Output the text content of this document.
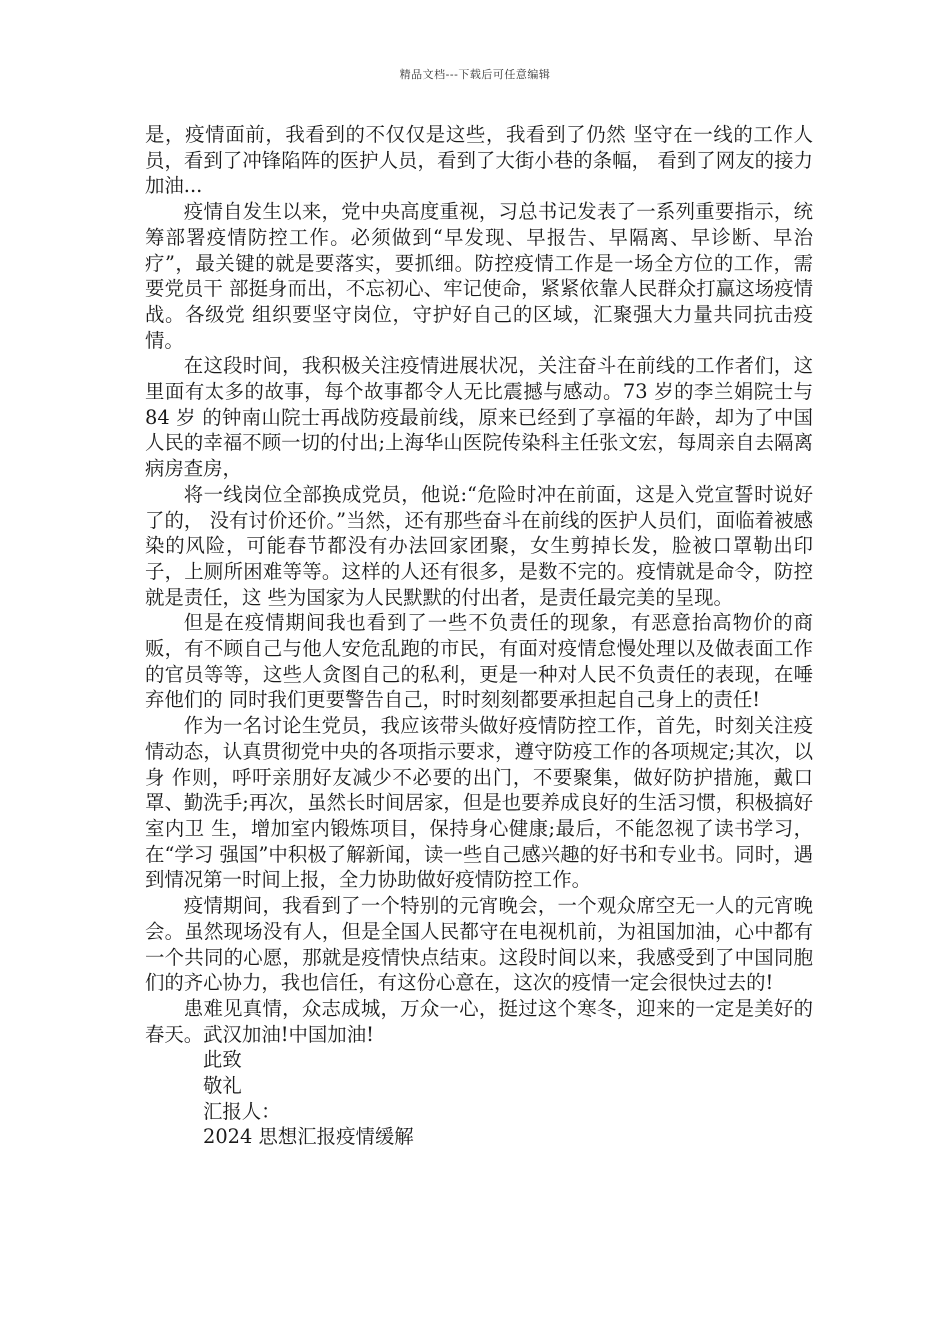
精品文档---下载后可任意编辑

是，疫情面前，我看到的不仅仅是这些，我看到了仍然 坚守在一线的工作人员，看到了冲锋陷阵的医护人员，看到了大街小巷的条幅， 看到了网友的接力加油...

疫情自发生以来，党中央高度重视，习总书记发表了一系列重要指示，统筹部署疫情防控工作。必须做到“早发现、早报告、早隔离、早诊断、早治疗”，最关键的就是要落实，要抓细。防控疫情工作是一场全方位的工作，需要党员干 部挺身而出，不忘初心、牢记使命，紧紧依靠人民群众打赢这场疫情战。各级党 组织要坚守岗位，守护好自己的区域，汇聚强大力量共同抗击疫情。

在这段时间，我积极关注疫情进展状况，关注奋斗在前线的工作者们，这里面有太多的故事，每个故事都令人无比震撼与感动。73 岁的李兰娟院士与 84 岁 的钟南山院士再战防疫最前线，原来已经到了享福的年龄，却为了中国人民的幸福不顾一切的付出;上海华山医院传染科主任张文宏，每周亲自去隔离病房查房，

将一线岗位全部换成党员，他说:“危险时冲在前面，这是入党宣誓时说好了的， 没有讨价还价。”当然，还有那些奋斗在前线的医护人员们，面临着被感染的风险，可能春节都没有办法回家团聚，女生剪掉长发，脸被口罩勒出印子，上厕所困难等等。这样的人还有很多，是数不完的。疫情就是命令，防控就是责任，这 些为国家为人民默默的付出者，是责任最完美的呈现。

但是在疫情期间我也看到了一些不负责任的现象，有恶意抬高物价的商贩，有不顾自己与他人安危乱跑的市民，有面对疫情怠慢处理以及做表面工作的官员等等，这些人贪图自己的私利，更是一种对人民不负责任的表现，在唾弃他们的 同时我们更要警告自己，时时刻刻都要承担起自己身上的责任!

作为一名讨论生党员，我应该带头做好疫情防控工作，首先，时刻关注疫情动态，认真贯彻党中央的各项指示要求，遵守防疫工作的各项规定;其次，以身 作则，呼吁亲朋好友减少不必要的出门，不要聚集，做好防护措施，戴口罩、勤洗手;再次，虽然长时间居家，但是也要养成良好的生活习惯，积极搞好室内卫 生，增加室内锻炼项目，保持身心健康;最后，不能忽视了读书学习，在“学习 强国”中积极了解新闻，读一些自己感兴趣的好书和专业书。同时，遇到情况第一时间上报，全力协助做好疫情防控工作。

疫情期间，我看到了一个特别的元宵晚会，一个观众席空无一人的元宵晚会。虽然现场没有人，但是全国人民都守在电视机前，为祖国加油，心中都有一个共同的心愿，那就是疫情快点结束。这段时间以来，我感受到了中国同胞们的齐心协力，我也信任，有这份心意在，这次的疫情一定会很快过去的!

患难见真情，众志成城，万众一心，挺过这个寒冬，迎来的一定是美好的春天。武汉加油!中国加油!

此致
敬礼
汇报人：
2024 思想汇报疫情缓解
